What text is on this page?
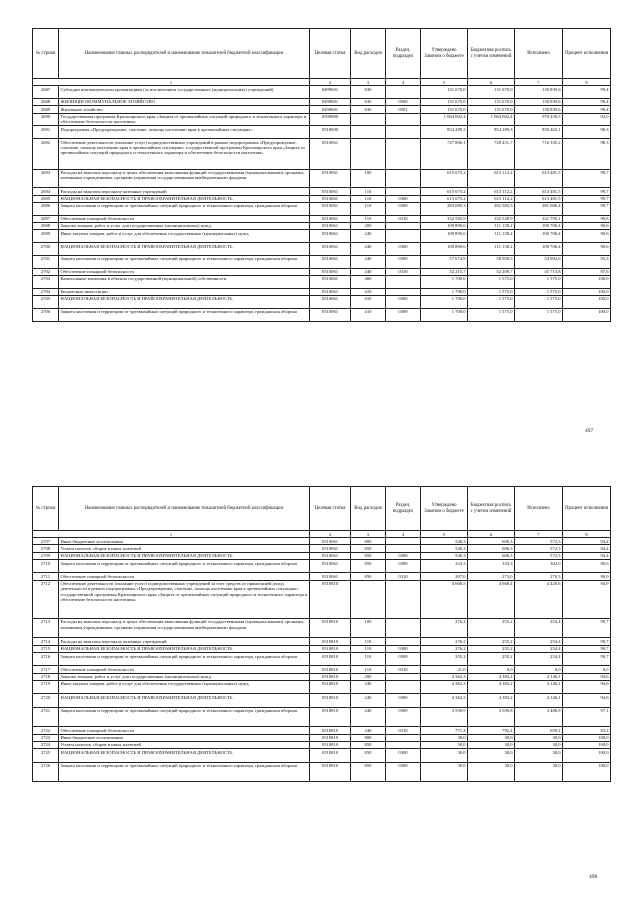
№ строки	Наименование главных распорядителей и наименование показателей бюджетной классификации	Целевая статья	Вид расходов	Раздел, подраздел	Утверждено Законом о бюджете	Бюджетная роспись с учетом изменений	Исполнено	Процент исполнения
1		2	3	4	5	6	7	8
2687	Субсидии некоммерческим организациям (за исключением государственных (муниципальных) учреждений)	0499601	630		131 670,0	131 670,0	130 839,6	99,4
2688	ЖИЛИЩНО-КОММУНАЛЬНОЕ ХОЗЯЙСТВО	0499601	630	0500	131 670,0	131 670,0	130 839,6	99,4
2689	Жилищное хозяйство	0499601	630	0501	131 670,0	131 670,0	130 839,6	99,4
2690	Государственная программа Красноярского края «Защита от чрезвычайных ситуаций природного и техногенного характера и обеспечение безопасности населения»	0500000			1 064 002,4	1 064 002,4	979 239,5	92,0
2691	Подпрограмма «Предупреждение, спасение, помощь населению края в чрезвычайных ситуациях»	0510000			854 289,3	854 289,3	839 463,1	98,3
2692	Обеспечение деятельности (оказание услуг) подведомственных учреждений в рамках подпрограммы «Предупреждение, спасение, помощь населению края в чрезвычайных ситуациях» государственной программы Красноярского края «Защита от чрезвычайных ситуаций природного и техногенного характера и обеспечение безопасности населения»	0510061			727 806,1	728 451,7	716 335,2	98,3
2693	Расходы на выплаты персоналу в целях обеспечения выполнения функций государственными (муниципальными) органами, казенными учреждениями, органами управления государственными внебюджетными фондами	0510061	100		615 675,2	615 112,2	613 481,5	99,7
2694	Расходы на выплаты персоналу казенных учреждений	0510061	110		615 675,2	615 112,2	613 481,5	99,7
2695	НАЦИОНАЛЬНАЯ БЕЗОПАСНОСТЬ И ПРАВООХРАНИТЕЛЬНАЯ ДЕЯТЕЛЬНОСТЬ	0510061	110	0300	615 675,2	615 112,2	613 481,5	99,7
2696	Защита населения и территории от чрезвычайных ситуаций природного и техногенного характера, гражданская оборона	0510061	110	0309	283 089,3	282 583,3	281 686,4	99,7
2697	Обеспечение пожарной безопасности	0510061	110	0310	332 585,9	332 528,9	331 795,1	99,8
2698	Закупка товаров, работ и услуг для государственных (муниципальных) нужд	0510061	200		109 890,6	111 158,2	100 706,4	90,6
2699	Иные закупки товаров, работ и услуг для обеспечения государственных (муниципальных) нужд	0510061	240		109 890,6	111 158,2	100 706,4	90,6
2700	НАЦИОНАЛЬНАЯ БЕЗОПАСНОСТЬ И ПРАВООХРАНИТЕЛЬНАЯ ДЕЯТЕЛЬНОСТЬ	0510061	240	0300	109 890,6	111 158,2	100 706,4	90,6
2701	Защита населения и территории от чрезвычайных ситуаций природного и техногенного характера, гражданская оборона	0510061	240	0309	57 674,9	58 958,5	54 992,6	93,3
2702	Обеспечение пожарной безопасности	0510061	240	0310	52 215,7	52 209,7	45 713,8	87,6
2703	Капитальные вложения в объекты государственной (муниципальной) собственности	0510061	400		1 700,0	1 575,0	1 575,0	100,0
2704	Бюджетные инвестиции	0510061	410		1 700,0	1 575,0	1 575,0	100,0
2705	НАЦИОНАЛЬНАЯ БЕЗОПАСНОСТЬ И ПРАВООХРАНИТЕЛЬНАЯ ДЕЯТЕЛЬНОСТЬ	0510061	410	0300	1 700,0	1 575,0	1 575,0	100,0
2706	Защита населения и территории от чрезвычайных ситуаций природного и техногенного характера, гражданская оборона	0510061	410	0309	1 700,0	1 575,0	1 575,0	100,0
497
№ строки	Наименование главных распорядителей и наименование показателей бюджетной классификации	Целевая статья	Вид расходов	Раздел, подраздел	Утверждено Законом о бюджете	Бюджетная роспись с учетом изменений	Исполнено	Процент исполнения
1		2	3	4	5	6	7	8
2707	Иные бюджетные ассигнования	0510061	800		540,3	606,3	572,3	94,4
2708	Уплата налогов, сборов и иных платежей	0510061	850		540,3	606,3	572,3	94,4
2709	НАЦИОНАЛЬНАЯ БЕЗОПАСНОСТЬ И ПРАВООХРАНИТЕЛЬНАЯ ДЕЯТЕЛЬНОСТЬ	0510061	850	0300	540,3	606,3	572,3	94,4
2710	Защита населения и территории от чрезвычайных ситуаций природного и техногенного характера, гражданская оборона	0510061	850	0309	333,3	333,3	302,0	90,6
2711	Обеспечение пожарной безопасности	0510061	850	0310	207,0	273,0	270,3	99,0
2712	Обеспечение деятельности (оказание услуг) подведомственных учреждений за счет средств от приносящей доход деятельности в рамках подпрограммы «Предупреждение, спасение, помощь населению края в чрезвычайных ситуациях» государственной программы Красноярского края «Защита от чрезвычайных ситуаций природного и техногенного характера и обеспечение безопасности населения»	0510810			4 668,5	4 668,4	4 420,6	94,9
2713	Расходы на выплаты персоналу в целях обеспечения выполнения функций государственными (муниципальными) органами, казенными учреждениями, органами управления государственными внебюджетными фондами	0510810	100		276,2	255,2	254,4	99,7
2714	Расходы на выплаты персоналу казенных учреждений	0510810	110		276,2	255,2	254,4	99,7
2715	НАЦИОНАЛЬНАЯ БЕЗОПАСНОСТЬ И ПРАВООХРАНИТЕЛЬНАЯ ДЕЯТЕЛЬНОСТЬ	0510810	110	0300	276,2	255,2	254,4	99,7
2716	Защита населения и территории от чрезвычайных ситуаций природного и техногенного характера, гражданская оборона	0510810	110	0309	255,2	255,2	254,4	99,7
2717	Обеспечение пожарной безопасности	0510810	110	0310	21,0	0,0	0,0	0,0
2718	Закупка товаров, работ и услуг для государственных (муниципальных) нужд	0510810	200		4 362,3	4 383,2	4 146,1	94,6
2719	Иные закупки товаров, работ и услуг для обеспечения государственных (муниципальных) нужд	0510810	240		4 362,3	4 383,2	4 146,1	94,6
2720	НАЦИОНАЛЬНАЯ БЕЗОПАСНОСТЬ И ПРАВООХРАНИТЕЛЬНАЯ ДЕЯТЕЛЬНОСТЬ	0510810	240	0300	4 362,3	4 383,2	4 146,1	94,6
2721	Защита населения и территории от чрезвычайных ситуаций природного и техногенного характера, гражданская оборона	0510810	240	0309	3 590,9	3 590,8	3 486,9	97,1
2722	Обеспечение пожарной безопасности	0510810	240	0310	771,4	792,4	659,2	83,2
2723	Иные бюджетные ассигнования	0510810	800		30,0	30,0	30,0	100,0
2724	Уплата налогов, сборов и иных платежей	0510810	850		30,0	30,0	30,0	100,0
2725	НАЦИОНАЛЬНАЯ БЕЗОПАСНОСТЬ И ПРАВООХРАНИТЕЛЬНАЯ ДЕЯТЕЛЬНОСТЬ	0510810	850	0300	30,0	30,0	30,0	100,0
2726	Защита населения и территории от чрезвычайных ситуаций природного и техногенного характера, гражданская оборона	0510810	850	0309	30,0	30,0	30,0	100,0
498
